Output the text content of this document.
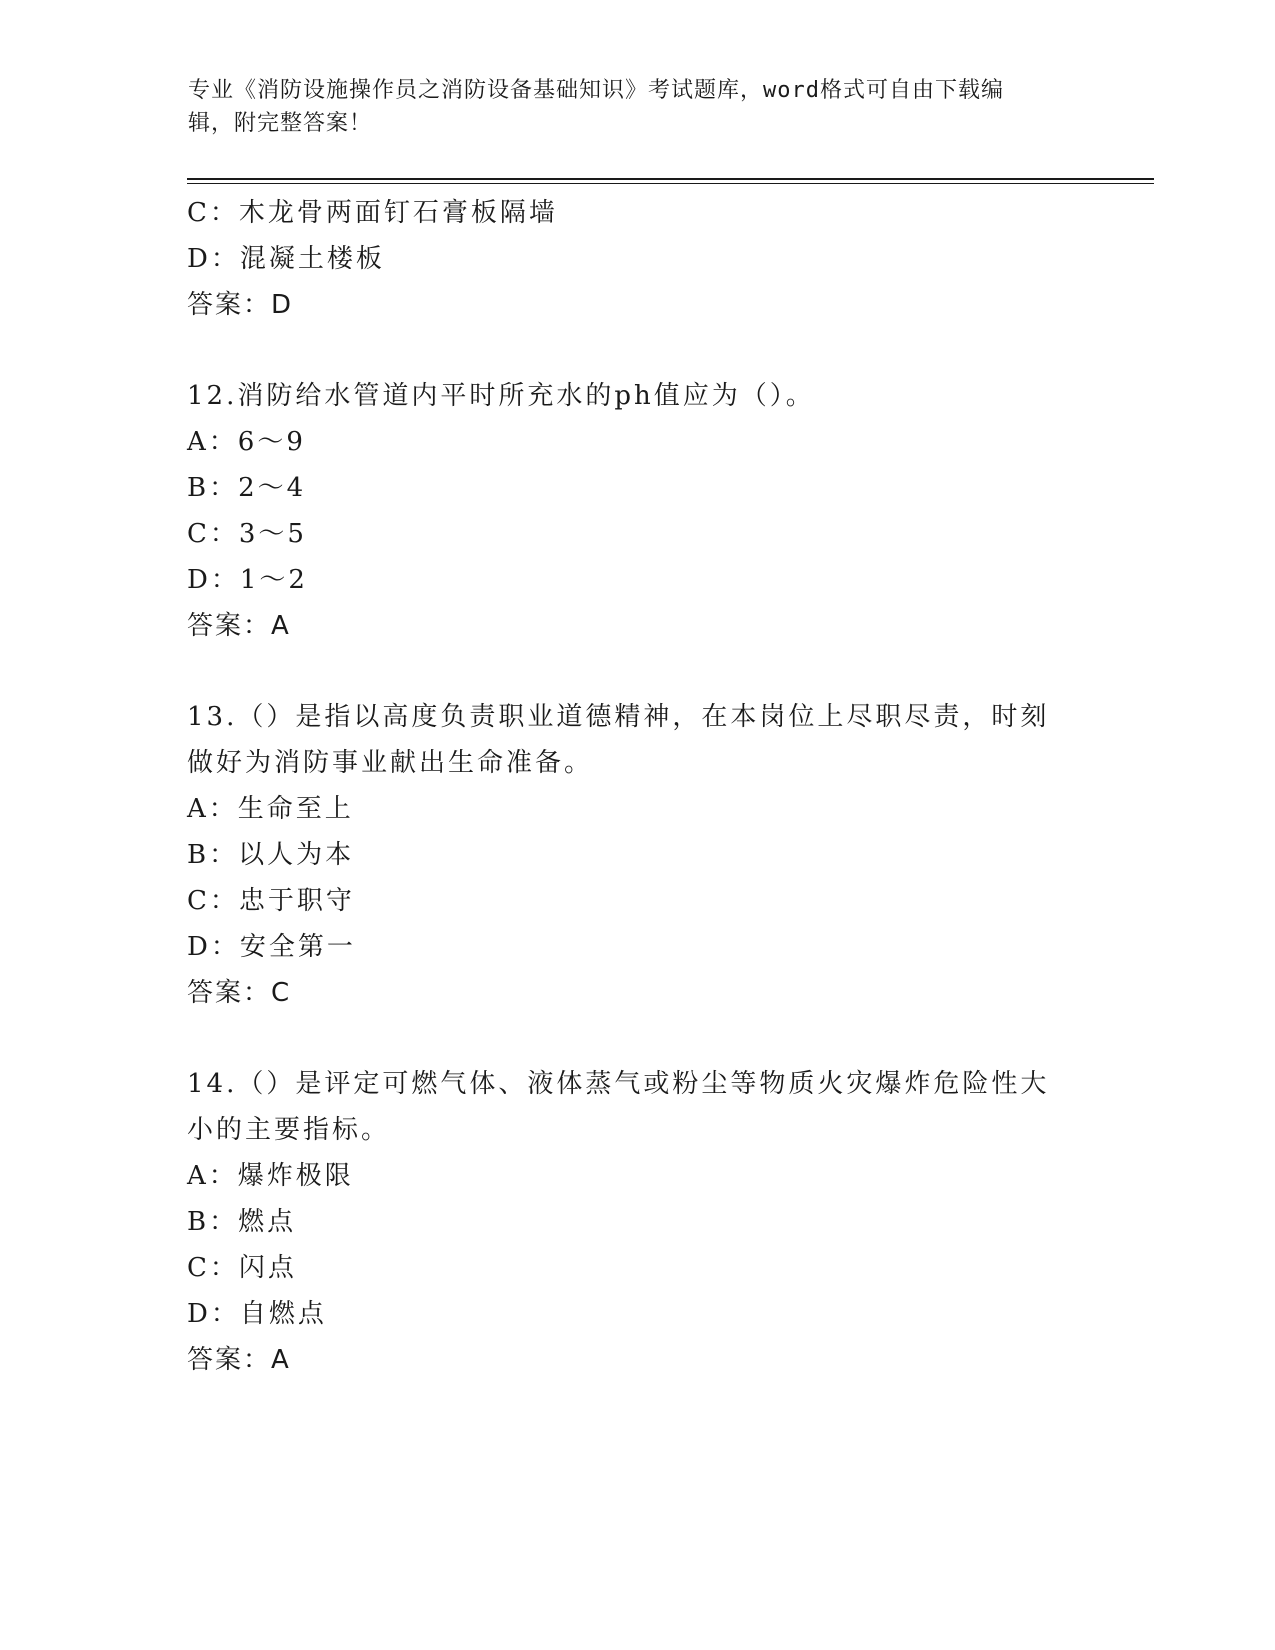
专业《消防设施操作员之消防设备基础知识》考试题库，word格式可自由下载编
辑，附完整答案！
C：木龙骨两面钉石膏板隔墙
D：混凝土楼板
答案：D
12.消防给水管道内平时所充水的ph值应为（）。
A：6～9
B：2～4
C：3～5
D：1～2
答案：A
13.（）是指以高度负责职业道德精神，在本岗位上尽职尽责，时刻做好为消防事业献出生命准备。
A：生命至上
B：以人为本
C：忠于职守
D：安全第一
答案：C
14.（）是评定可燃气体、液体蒸气或粉尘等物质火灾爆炸危险性大小的主要指标。
A：爆炸极限
B：燃点
C：闪点
D：自燃点
答案：A
